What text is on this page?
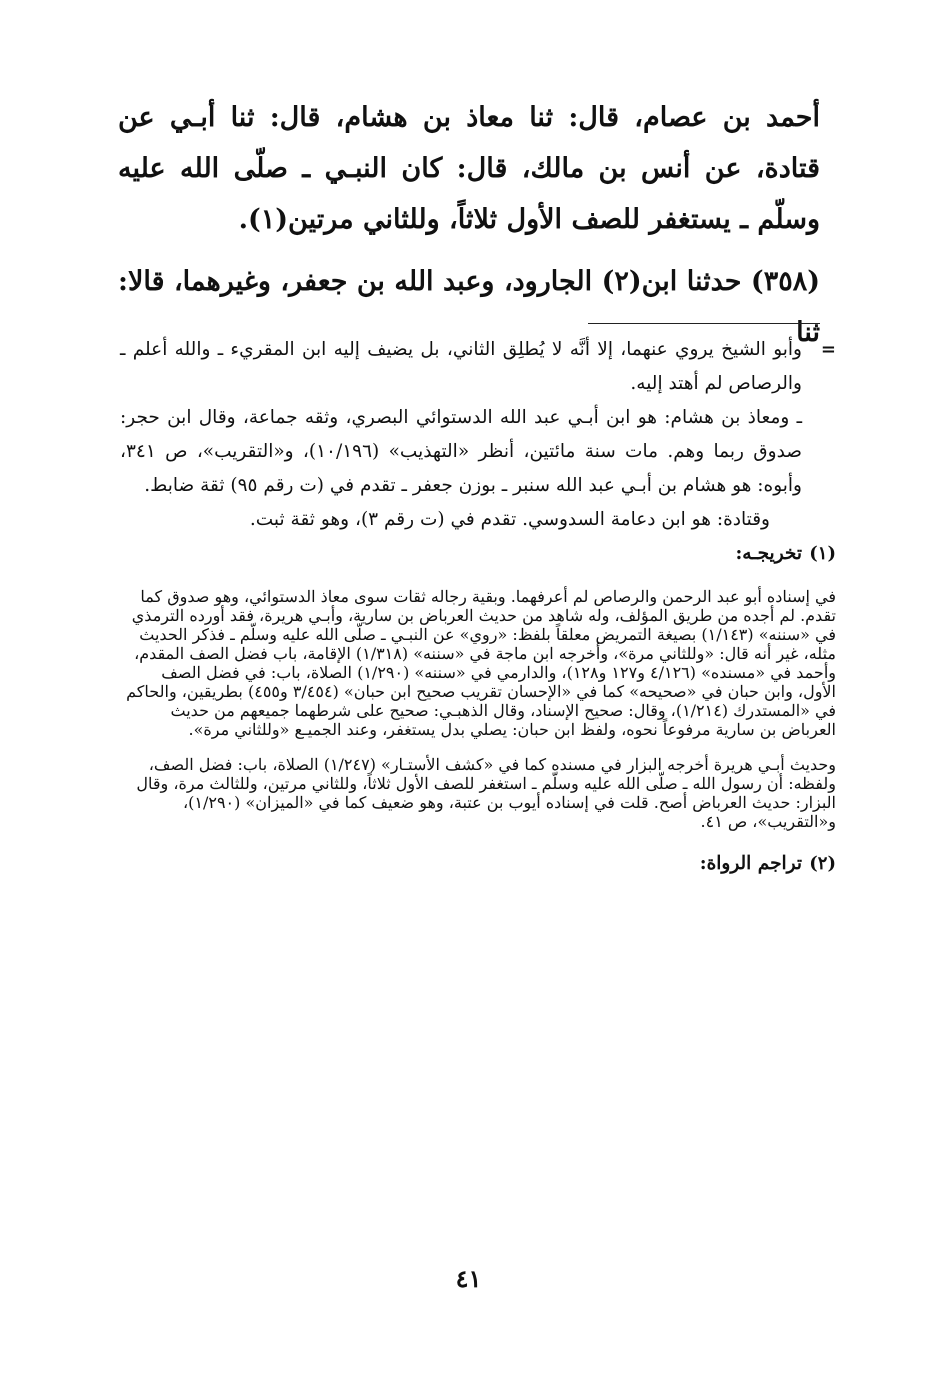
أحمد بن عصام، قال: ثنا معاذ بن هشام، قال: ثنا أبـي عن قتادة، عن أنس بن مالك، قال: كان النبـي ـ صلّى الله عليه وسلّم ـ يستغفر للصف الأول ثلاثاً، وللثاني مرتين(١).

(٣٥٨) حدثنا ابن(٢) الجارود، وعبد الله بن جعفر، وغيرهما، قالا: ثنا

=

وأبو الشيخ يروي عنهما، إلا أنَّه لا يُطلِق الثاني، بل يضيف إليه ابن المقريء ـ والله أعلم ـ والرصاص لم أهتد إليه.

ـ ومعاذ بن هشام: هو ابن أبـي عبد الله الدستوائي البصري، وثقه جماعة، وقال ابن حجر: صدوق ربما وهم. مات سنة مائتين، أنظر «التهذيب» (١٠/١٩٦)، و«التقريب»، ص ٣٤١، وأبوه: هو هشام بن أبـي عبد الله سنبر ـ بوزن جعفر ـ تقدم في (ت رقم ٩٥) ثقة ضابط.

وقتادة: هو ابن دعامة السدوسي. تقدم في (ت رقم ٣)، وهو ثقة ثبت.

(١)

تخريجـه:

في إسناده أبو عبد الرحمن والرصاص لم أعرفهما. وبقية رجاله ثقات سوى معاذ الدستوائي، وهو صدوق كما تقدم. لم أجده من طريق المؤلف، وله شاهد من حديث العرباض بن سارية، وأبـي هريرة، فقد أورده الترمذي في «سننه» (١/١٤٣) بصيغة التمريض معلقاً بلفظ: «روي» عن النبـي ـ صلّى الله عليه وسلّم ـ فذكر الحديث مثله، غير أنه قال: «وللثاني مرة»، وأخرجه ابن ماجة في «سننه» (١/٣١٨) الإقامة، باب فضل الصف المقدم، وأحمد في «مسنده» (٤/١٢٦ و١٢٧ و١٢٨)، والدارمي في «سننه» (١/٢٩٠) الصلاة، باب: في فضل الصف الأول، وابن حبان في «صحيحه» كما في «الإحسان تقريب صحيح ابن حبان» (٣/٤٥٤ و٤٥٥) بطريقين، والحاكم في «المستدرك (١/٢١٤)، وقال: صحيح الإسناد، وقال الذهبـي: صحيح على شرطهما جميعهم من حديث العرباض بن سارية مرفوعاً نحوه، ولفظ ابن حبان: يصلي بدل يستغفر، وعند الجميـع «وللثاني مرة».

وحديث أبـي هريرة أخرجه البزار في مسنده كما في «كشف الأستـار» (١/٢٤٧) الصلاة، باب: فضل الصف، ولفظه: أن رسول الله ـ صلّى الله عليه وسلّم ـ استغفر للصف الأول ثلاثاً، وللثاني مرتين، وللثالث مرة، وقال البزار: حديث العرباض أصح. قلت في إسناده أيوب بن عتبة، وهو ضعيف كما في «الميزان» (١/٢٩٠)، و«التقريب»، ص ٤١.

(٢)

تراجم الرواة:

٤١
